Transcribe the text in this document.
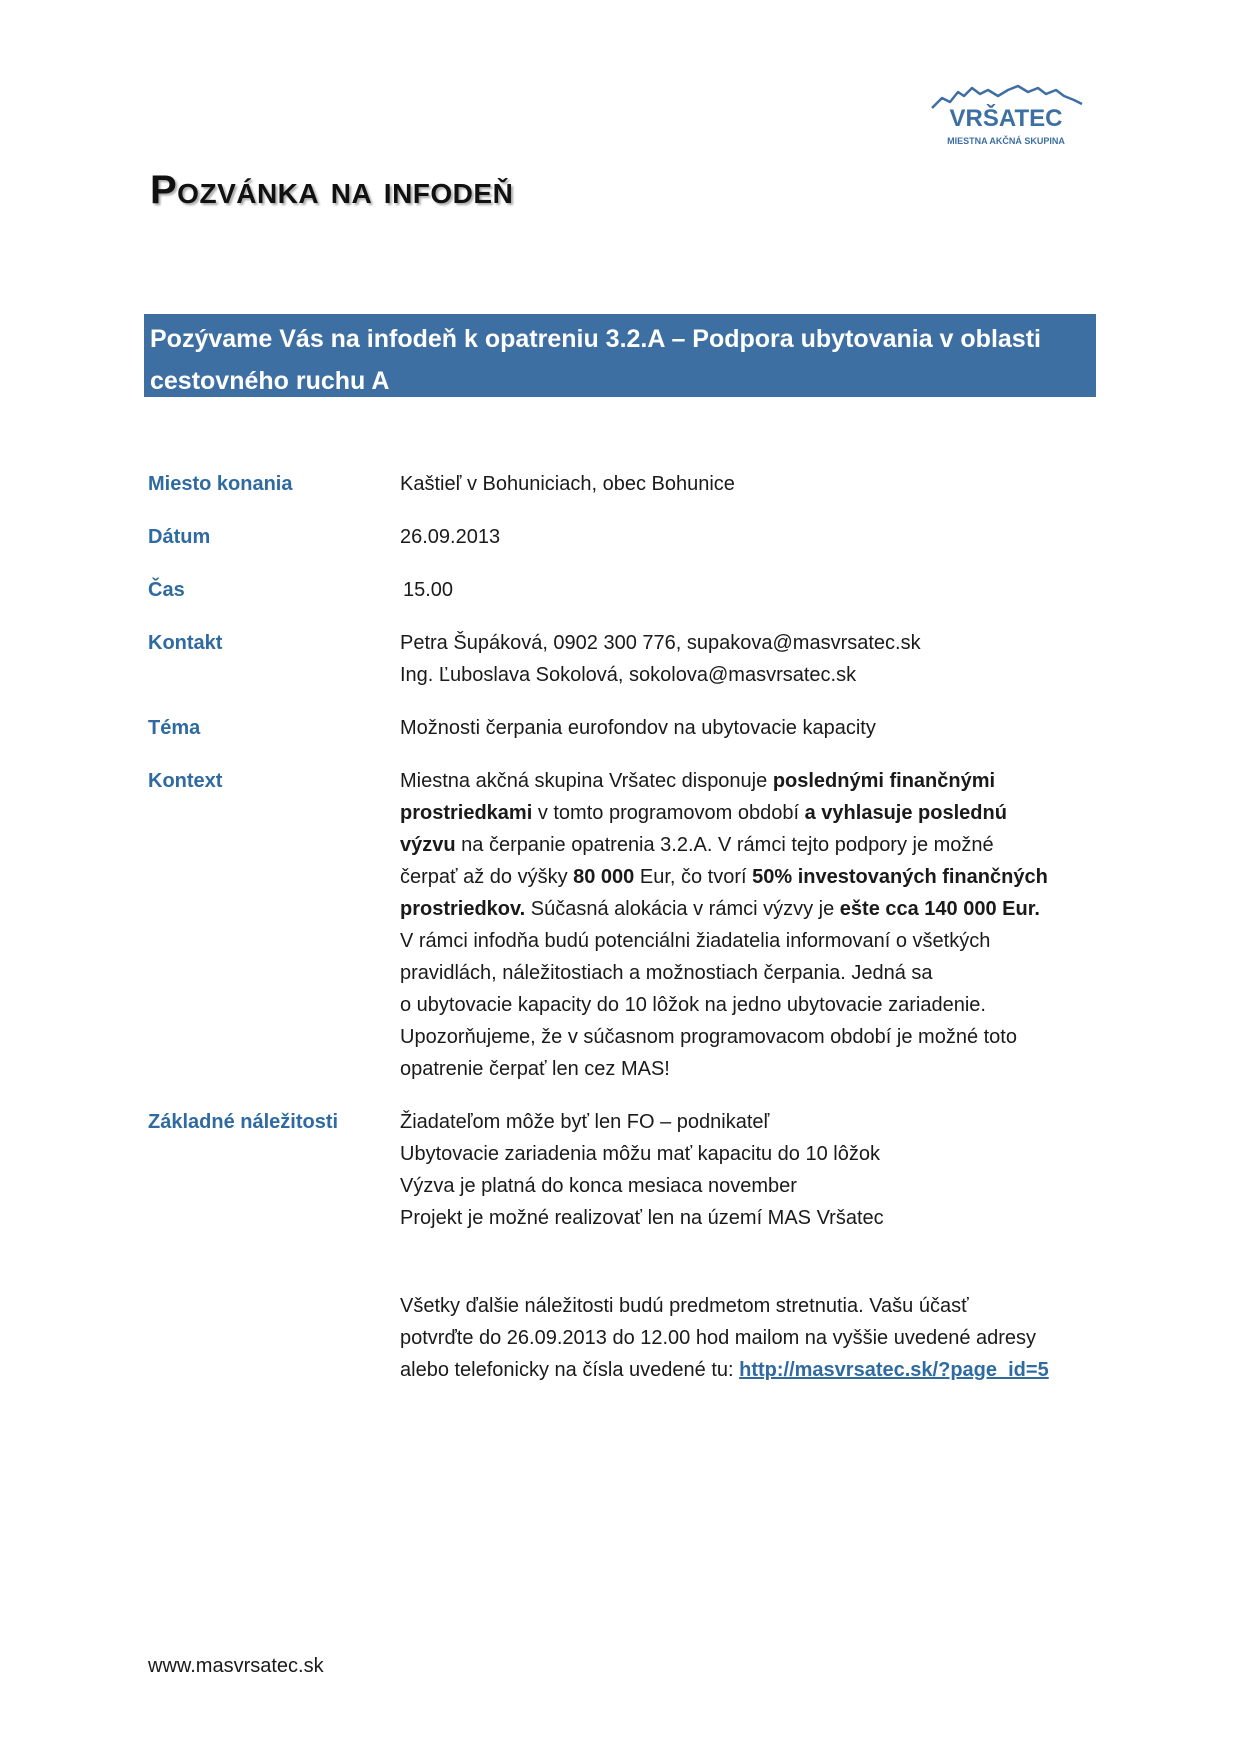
VRŠATEC
MIESTNA AKČNÁ SKUPINA
Pozvánka na infodeň
Pozývame Vás na infodeň k opatreniu 3.2.A – Podpora ubytovania v oblasti
cestovného ruchu A
Miesto konania	Kaštieľ v Bohuniciach, obec Bohunice
Dátum	26.09.2013
Čas	15.00
Kontakt	Petra Šupáková, 0902 300 776, supakova@masvrsatec.sk
Ing. Ľuboslava Sokolová, sokolova@masvrsatec.sk
Téma	Možnosti čerpania eurofondov na ubytovacie kapacity
Kontext	Miestna akčná skupina Vršatec disponuje poslednými finančnými
prostriedkami v tomto programovom období a vyhlasuje poslednú
výzvu na čerpanie opatrenia 3.2.A. V rámci tejto podpory je možné
čerpať až do výšky 80 000 Eur, čo tvorí 50% investovaných finančných
prostriedkov. Súčasná alokácia v rámci výzvy je ešte cca 140 000 Eur.
V rámci infodňa budú potenciálni žiadatelia informovaní o všetkých
pravidlách, náležitostiach a možnostiach čerpania. Jedná sa
o ubytovacie kapacity do 10 lôžok na jedno ubytovacie zariadenie.
Upozorňujeme, že v súčasnom programovacom období je možné toto
opatrenie čerpať len cez MAS!
Základné náležitosti	Žiadateľom môže byť len FO – podnikateľ
Ubytovacie zariadenia môžu mať kapacitu do 10 lôžok
Výzva je platná do konca mesiaca november
Projekt je možné realizovať len na území MAS Vršatec
Všetky ďalšie náležitosti budú predmetom stretnutia. Vašu účasť
potvrďte do 26.09.2013 do 12.00 hod mailom na vyššie uvedené adresy
alebo telefonicky na čísla uvedené tu: http://masvrsatec.sk/?page_id=5
www.masvrsatec.sk
